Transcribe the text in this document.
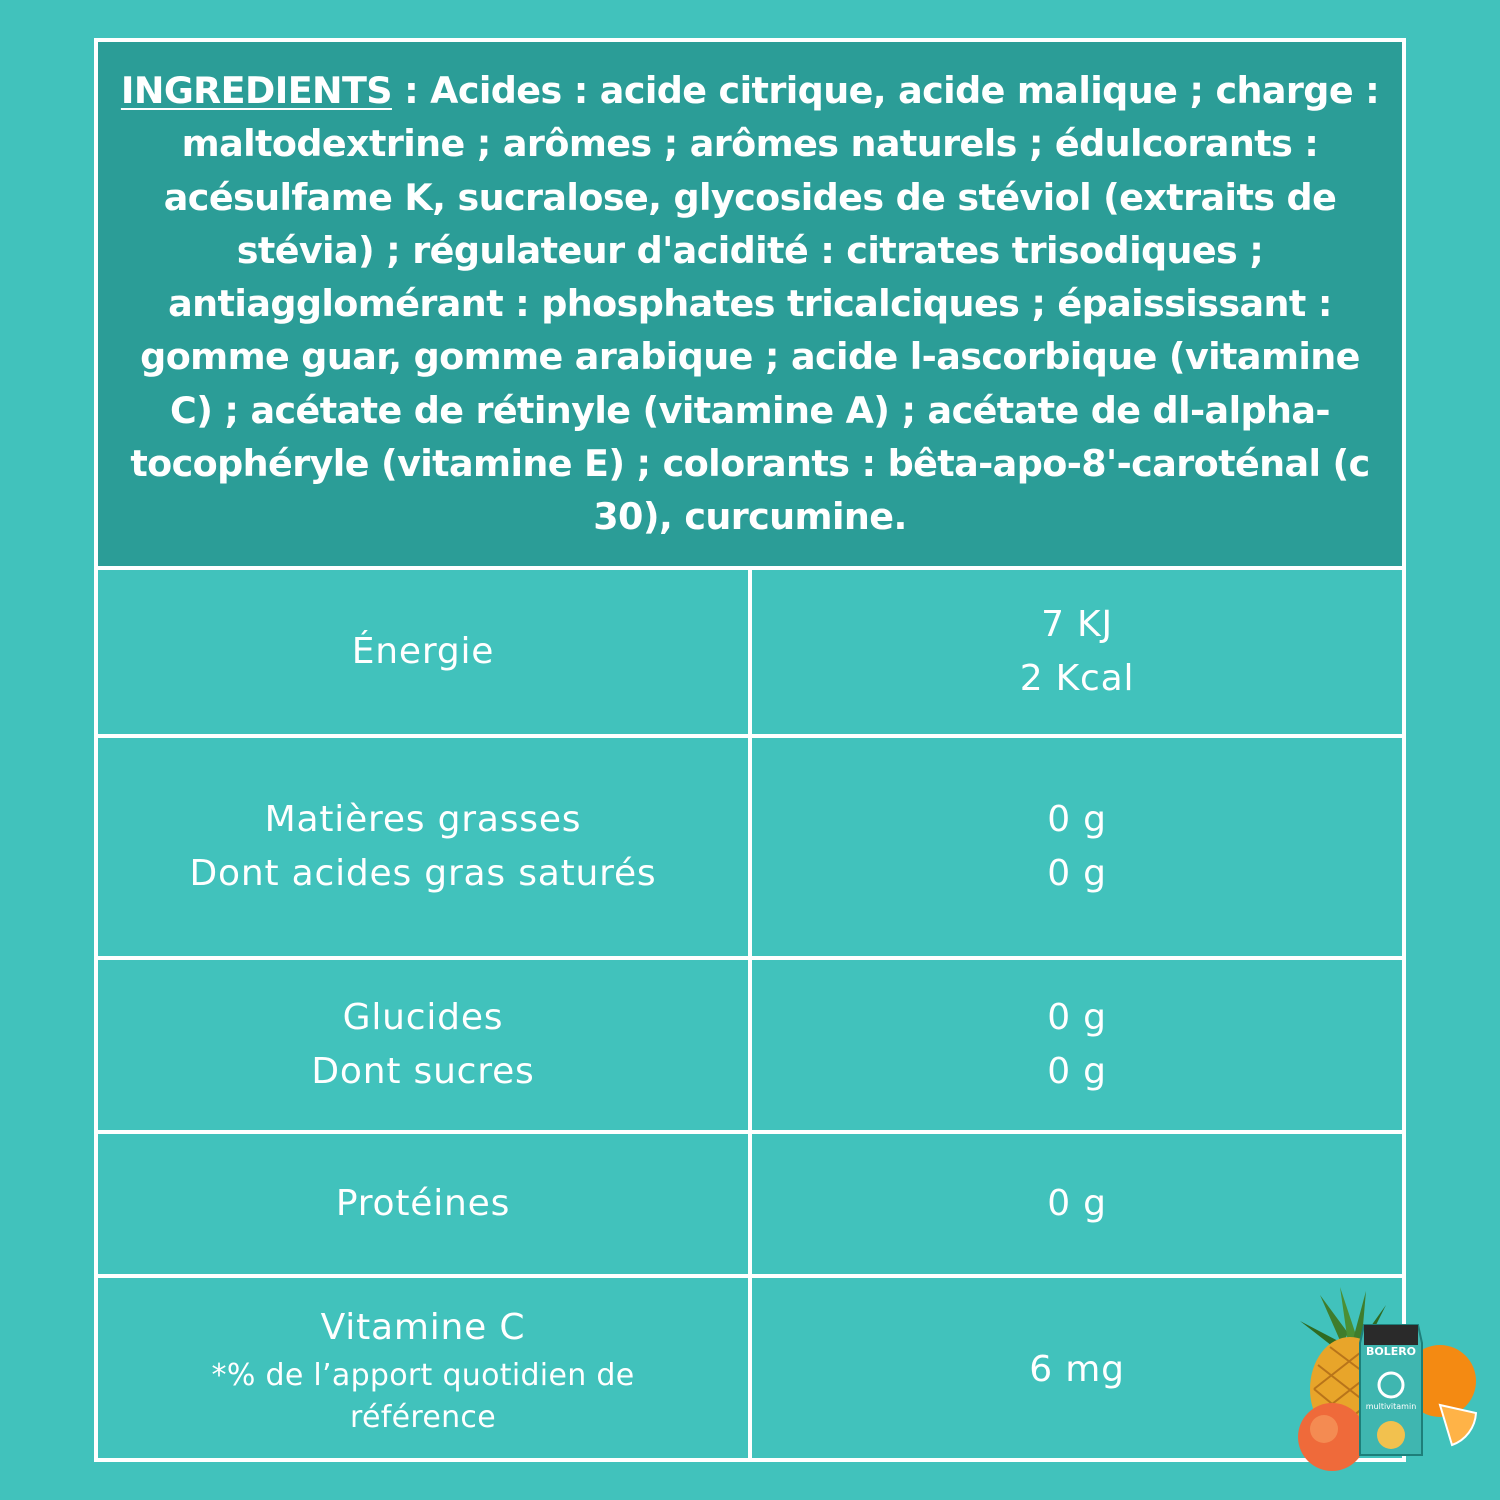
INGREDIENTS : Acides : acide citrique, acide malique ; charge : maltodextrine ; arômes ; arômes naturels ; édulcorants : acésulfame K, sucralose, glycosides de stéviol (extraits de stévia) ; régulateur d'acidité : citrates trisodiques ; antiagglomérant : phosphates tricalciques ; épaississant : gomme guar, gomme arabique ; acide l-ascorbique (vitamine C) ; acétate de rétinyle (vitamine A) ; acétate de dl-alpha-tocophéryle (vitamine E) ; colorants : bêta-apo-8'-caroténal (c 30), curcumine.
Énergie
7 KJ
2 Kcal
Matières grasses
Dont acides gras saturés
0 g
0 g
Glucides
Dont sucres
0 g
0 g
Protéines	0 g
Vitamine C
*% de l’apport quotidien de référence
6 mg	BOLERO
multivitamin
